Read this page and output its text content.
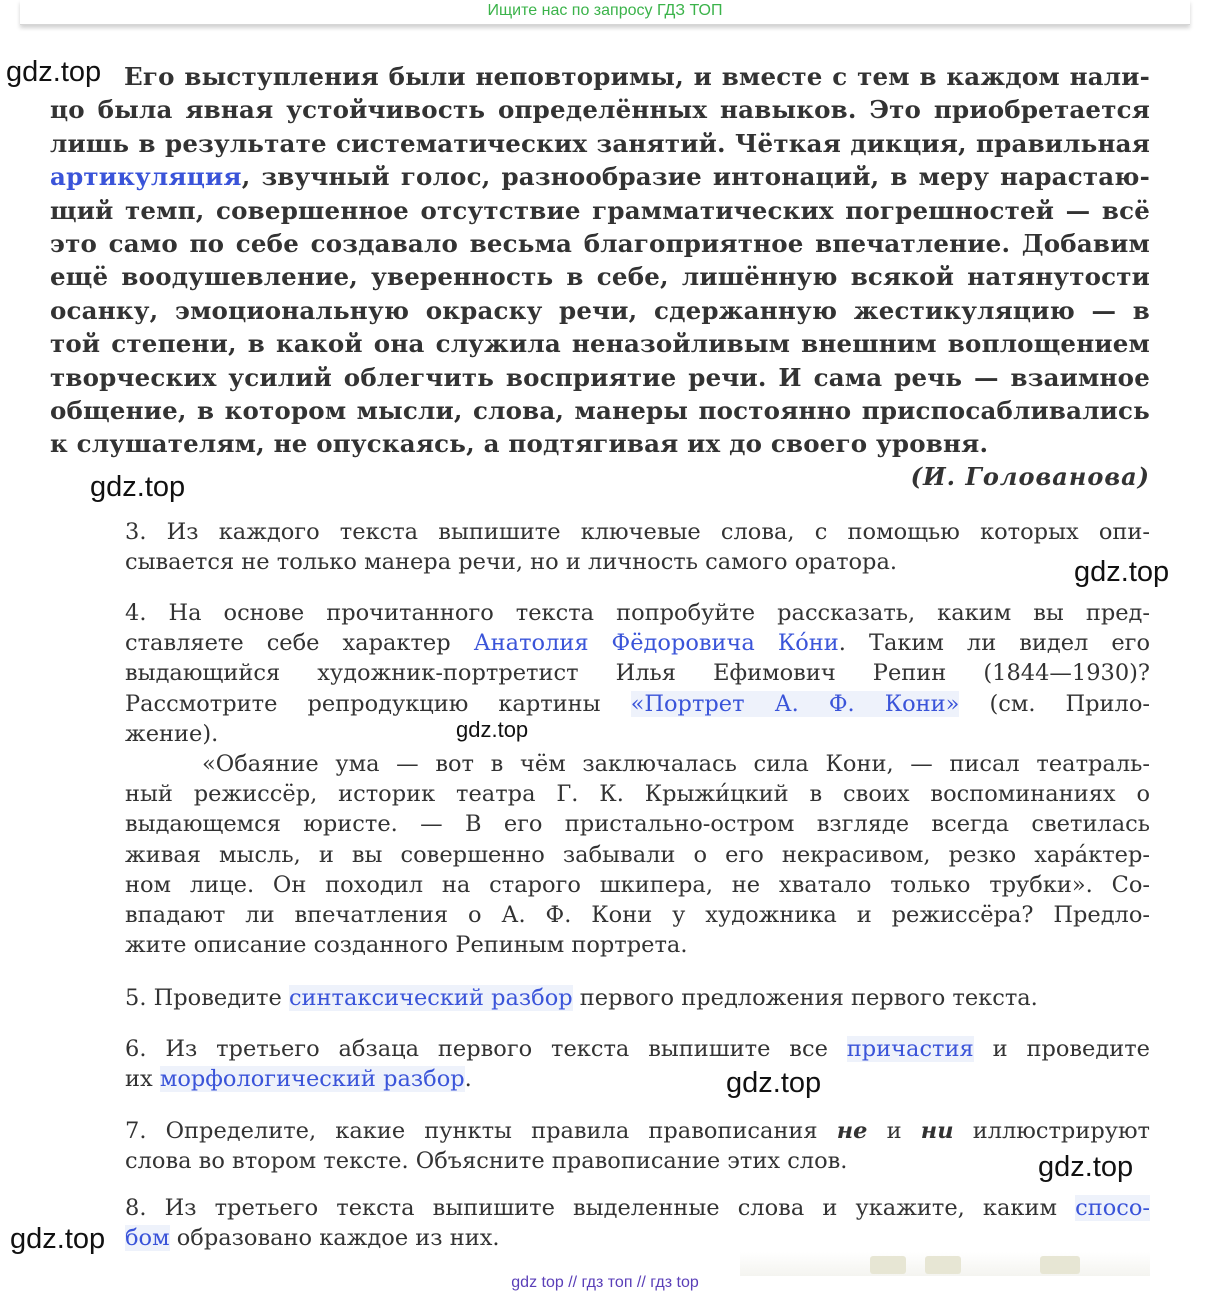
Ищите нас по запросу ГДЗ ТОП
gdz.top
gdz.top
gdz.top
gdz.top
gdz.top
gdz.top
gdz.top
Его выступления были неповторимы, и вместе с тем в каждом нали-
цо была явная устойчивость определённых навыков. Это приобретается
лишь в результате систематических занятий. Чёткая дикция, правильная
артикуляция, звучный голос, разнообразие интонаций, в меру нарастаю-
щий темп, совершенное отсутствие грамматических погрешностей — всё
это само по себе создавало весьма благоприятное впечатление. Добавим
ещё воодушевление, уверенность в себе, лишённую всякой натянутости
осанку, эмоциональную окраску речи, сдержанную жестикуляцию — в
той степени, в какой она служила неназойливым внешним воплощением
творческих усилий облегчить восприятие речи. И сама речь — взаимное
общение, в котором мысли, слова, манеры постоянно приспосабливались
к слушателям, не опускаясь, а подтягивая их до своего уровня.
(И. Голованова)
3. Из каждого текста выпишите ключевые слова, с помощью которых опи-
сывается не только манера речи, но и личность самого оратора.
4. На основе прочитанного текста попробуйте рассказать, каким вы пред-
ставляете себе характер Анатолия Фёдоровича Ко́ни. Таким ли видел его
выдающийся художник-портретист Илья Ефимович Репин (1844—1930)?
Рассмотрите репродукцию картины «Портрет А. Ф. Кони» (см. Прило-
жение).
«Обаяние ума — вот в чём заключалась сила Кони, — писал театраль-
ный режиссёр, историк театра Г. К. Крыжи́цкий в своих воспоминаниях о
выдающемся юристе. — В его пристально-остром взгляде всегда светилась
живая мысль, и вы совершенно забывали о его некрасивом, резко хара́ктер-
ном лице. Он походил на старого шкипера, не хватало только трубки». Со-
впадают ли впечатления о А. Ф. Кони у художника и режиссёра? Предло-
жите описание созданного Репиным портрета.
5. Проведите синтаксический разбор первого предложения первого текста.
6. Из третьего абзаца первого текста выпишите все причастия и проведите
их морфологический разбор.
7. Определите, какие пункты правила правописания не и ни иллюстрируют
слова во втором тексте. Объясните правописание этих слов.
8. Из третьего текста выпишите выделенные слова и укажите, каким спосо-
бом образовано каждое из них.
gdz top // гдз топ // гдз top
